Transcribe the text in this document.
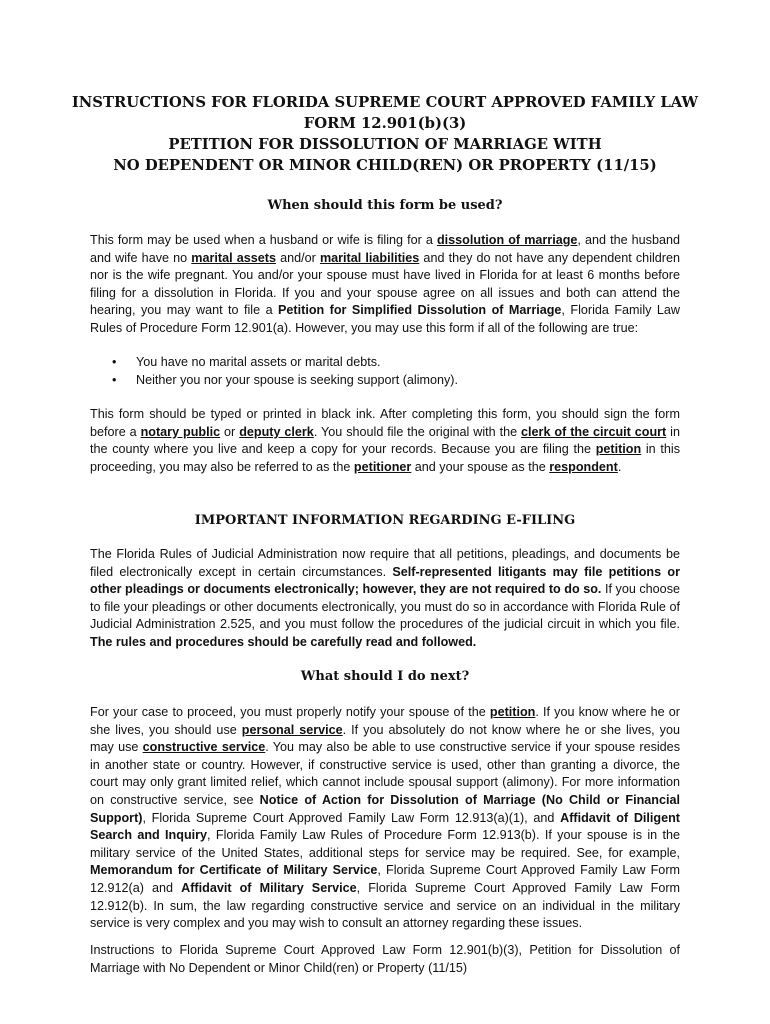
INSTRUCTIONS FOR FLORIDA SUPREME COURT APPROVED FAMILY LAW
FORM 12.901(b)(3)
PETITION FOR DISSOLUTION OF MARRIAGE WITH
NO DEPENDENT OR MINOR CHILD(REN) OR PROPERTY (11/15)
When should this form be used?
This form may be used when a husband or wife is filing for a dissolution of marriage, and the husband and wife have no marital assets and/or marital liabilities and they do not have any dependent children nor is the wife pregnant. You and/or your spouse must have lived in Florida for at least 6 months before filing for a dissolution in Florida. If you and your spouse agree on all issues and both can attend the hearing, you may want to file a Petition for Simplified Dissolution of Marriage, Florida Family Law Rules of Procedure Form 12.901(a). However, you may use this form if all of the following are true:
• You have no marital assets or marital debts.
• Neither you nor your spouse is seeking support (alimony).
This form should be typed or printed in black ink. After completing this form, you should sign the form before a notary public or deputy clerk. You should file the original with the clerk of the circuit court in the county where you live and keep a copy for your records. Because you are filing the petition in this proceeding, you may also be referred to as the petitioner and your spouse as the respondent.
IMPORTANT INFORMATION REGARDING E-FILING
The Florida Rules of Judicial Administration now require that all petitions, pleadings, and documents be filed electronically except in certain circumstances. Self-represented litigants may file petitions or other pleadings or documents electronically; however, they are not required to do so. If you choose to file your pleadings or other documents electronically, you must do so in accordance with Florida Rule of Judicial Administration 2.525, and you must follow the procedures of the judicial circuit in which you file. The rules and procedures should be carefully read and followed.
What should I do next?
For your case to proceed, you must properly notify your spouse of the petition. If you know where he or she lives, you should use personal service. If you absolutely do not know where he or she lives, you may use constructive service. You may also be able to use constructive service if your spouse resides in another state or country. However, if constructive service is used, other than granting a divorce, the court may only grant limited relief, which cannot include spousal support (alimony). For more information on constructive service, see Notice of Action for Dissolution of Marriage (No Child or Financial Support), Florida Supreme Court Approved Family Law Form 12.913(a)(1), and Affidavit of Diligent Search and Inquiry, Florida Family Law Rules of Procedure Form 12.913(b). If your spouse is in the military service of the United States, additional steps for service may be required. See, for example, Memorandum for Certificate of Military Service, Florida Supreme Court Approved Family Law Form 12.912(a) and Affidavit of Military Service, Florida Supreme Court Approved Family Law Form 12.912(b). In sum, the law regarding constructive service and service on an individual in the military service is very complex and you may wish to consult an attorney regarding these issues.
Instructions to Florida Supreme Court Approved Law Form 12.901(b)(3), Petition for Dissolution of Marriage with No Dependent or Minor Child(ren) or Property (11/15)
